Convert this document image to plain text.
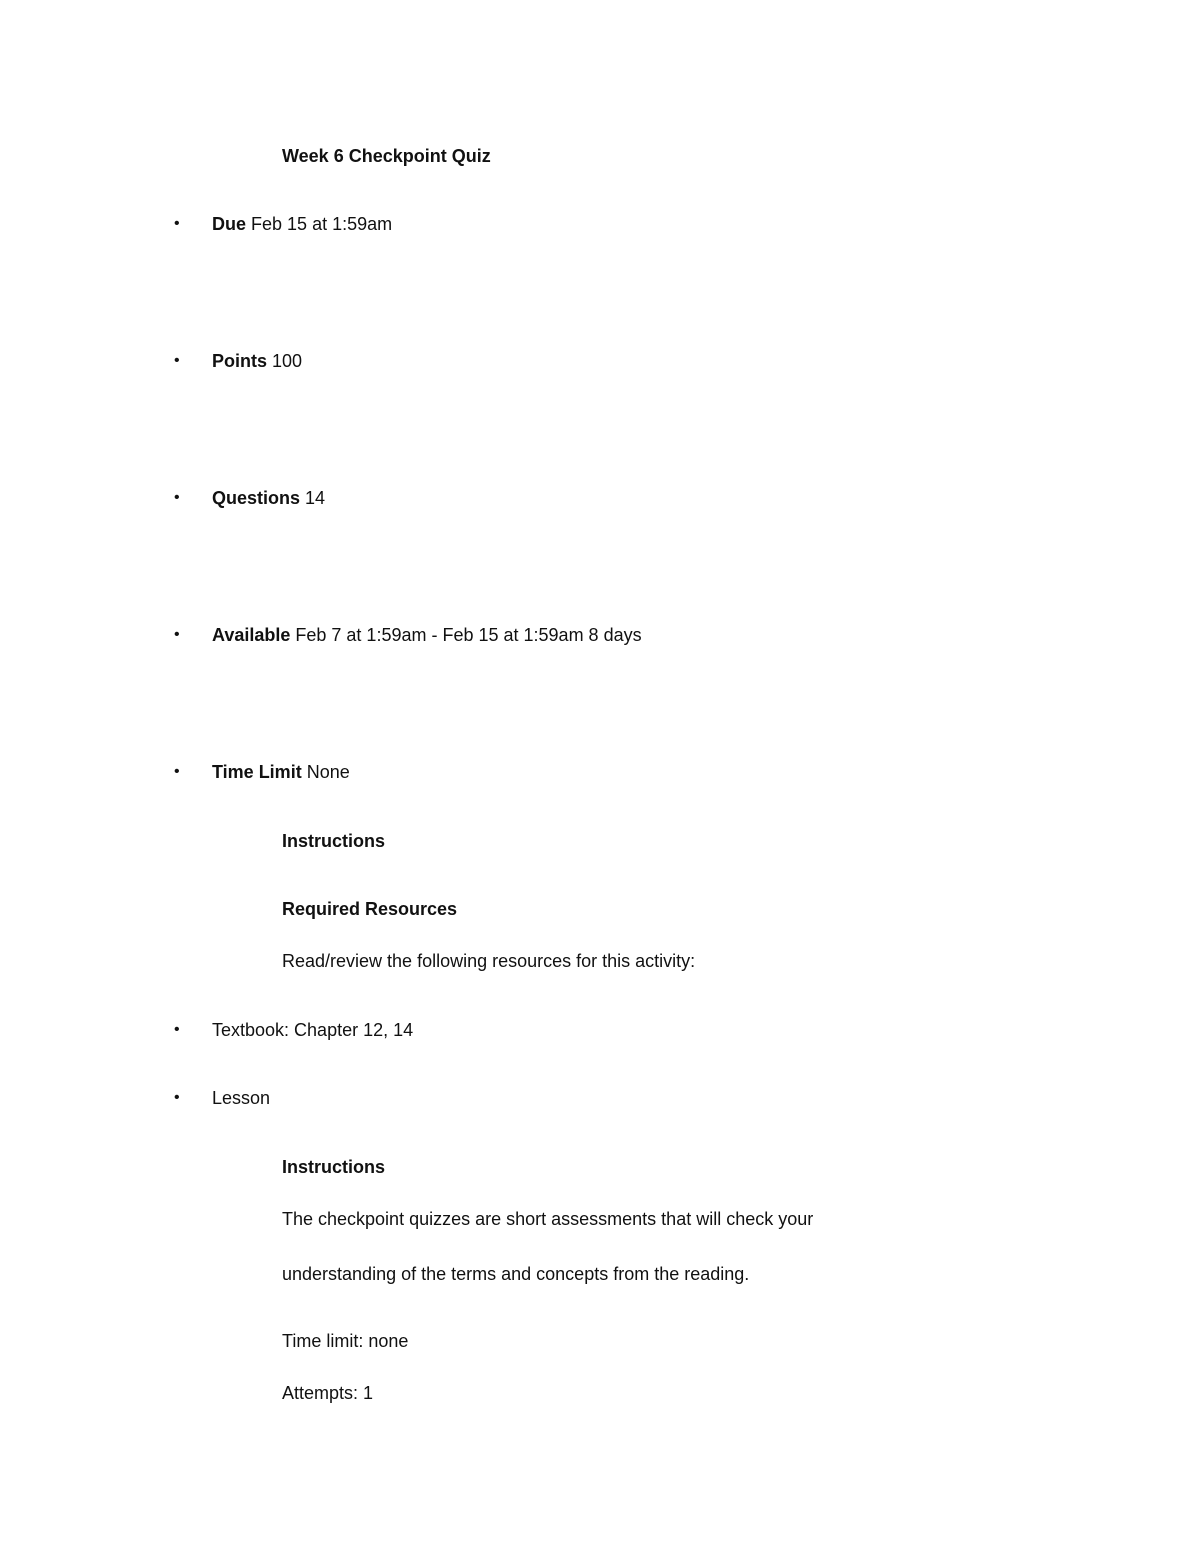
Week 6 Checkpoint Quiz
• Due Feb 15 at 1:59am
• Points 100
• Questions 14
• Available Feb 7 at 1:59am - Feb 15 at 1:59am 8 days
• Time Limit None
Instructions
Required Resources
Read/review the following resources for this activity:
• Textbook: Chapter 12, 14
• Lesson
Instructions
The checkpoint quizzes are short assessments that will check your
understanding of the terms and concepts from the reading.
Time limit: none
Attempts: 1
